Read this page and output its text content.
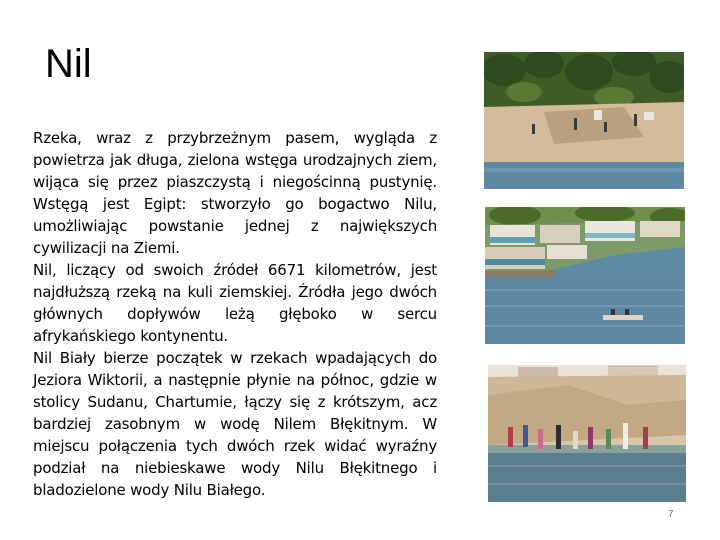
Nil

Rzeka, wraz z przybrzeżnym pasem, wygląda z powietrza jak długa, zielona wstęga urodzajnych ziem, wijąca się przez piaszczystą i niegościnną pustynię. Wstęgą jest Egipt: stworzyło go bogactwo Nilu, umożliwiając powstanie jednej z największych cywilizacji na Ziemi.

Nil, liczący od swoich źródeł 6671 kilometrów, jest najdłuższą rzeką na kuli ziemskiej. Źródła jego dwóch głównych dopływów leżą głęboko w sercu afrykańskiego kontynentu.

Nil Biały bierze początek w rzekach wpadających do Jeziora Wiktorii, a następnie płynie na północ, gdzie w stolicy Sudanu, Chartumie, łączy się z krótszym, acz bardziej zasobnym w wodę Nilem Błękitnym. W miejscu połączenia tych dwóch rzek widać wyraźny podział na niebieskawe wody Nilu Błękitnego i bladozielone wody Nilu Białego.

7
